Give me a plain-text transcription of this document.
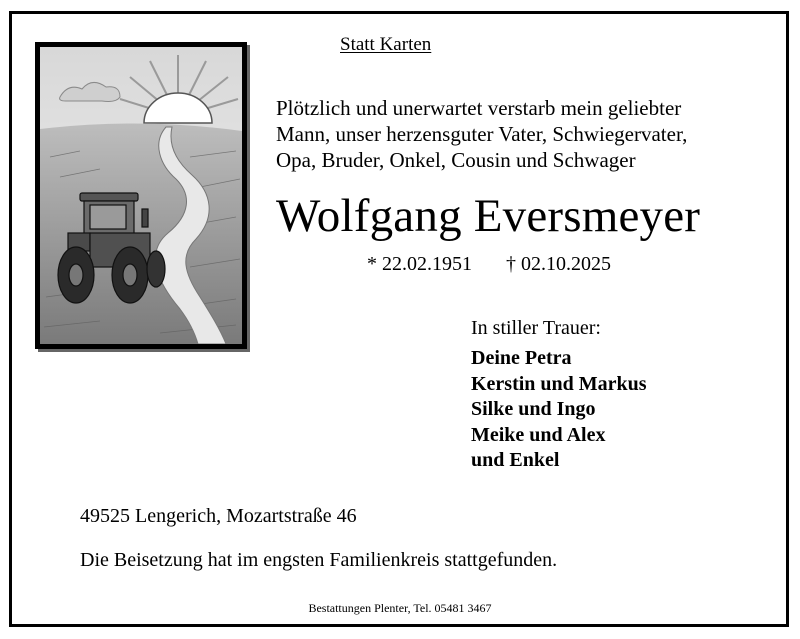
Statt Karten
Plötzlich und unerwartet verstarb mein geliebter
Mann, unser herzensguter Vater, Schwiegervater,
Opa, Bruder, Onkel, Cousin und Schwager
Wolfgang Eversmeyer
* 22.02.1951 † 02.10.2025
In stiller Trauer:
Deine Petra
Kerstin und Markus
Silke und Ingo
Meike und Alex
und Enkel
49525 Lengerich, Mozartstraße 46
Die Beisetzung hat im engsten Familienkreis stattgefunden.
Bestattungen Plenter, Tel. 05481 3467
